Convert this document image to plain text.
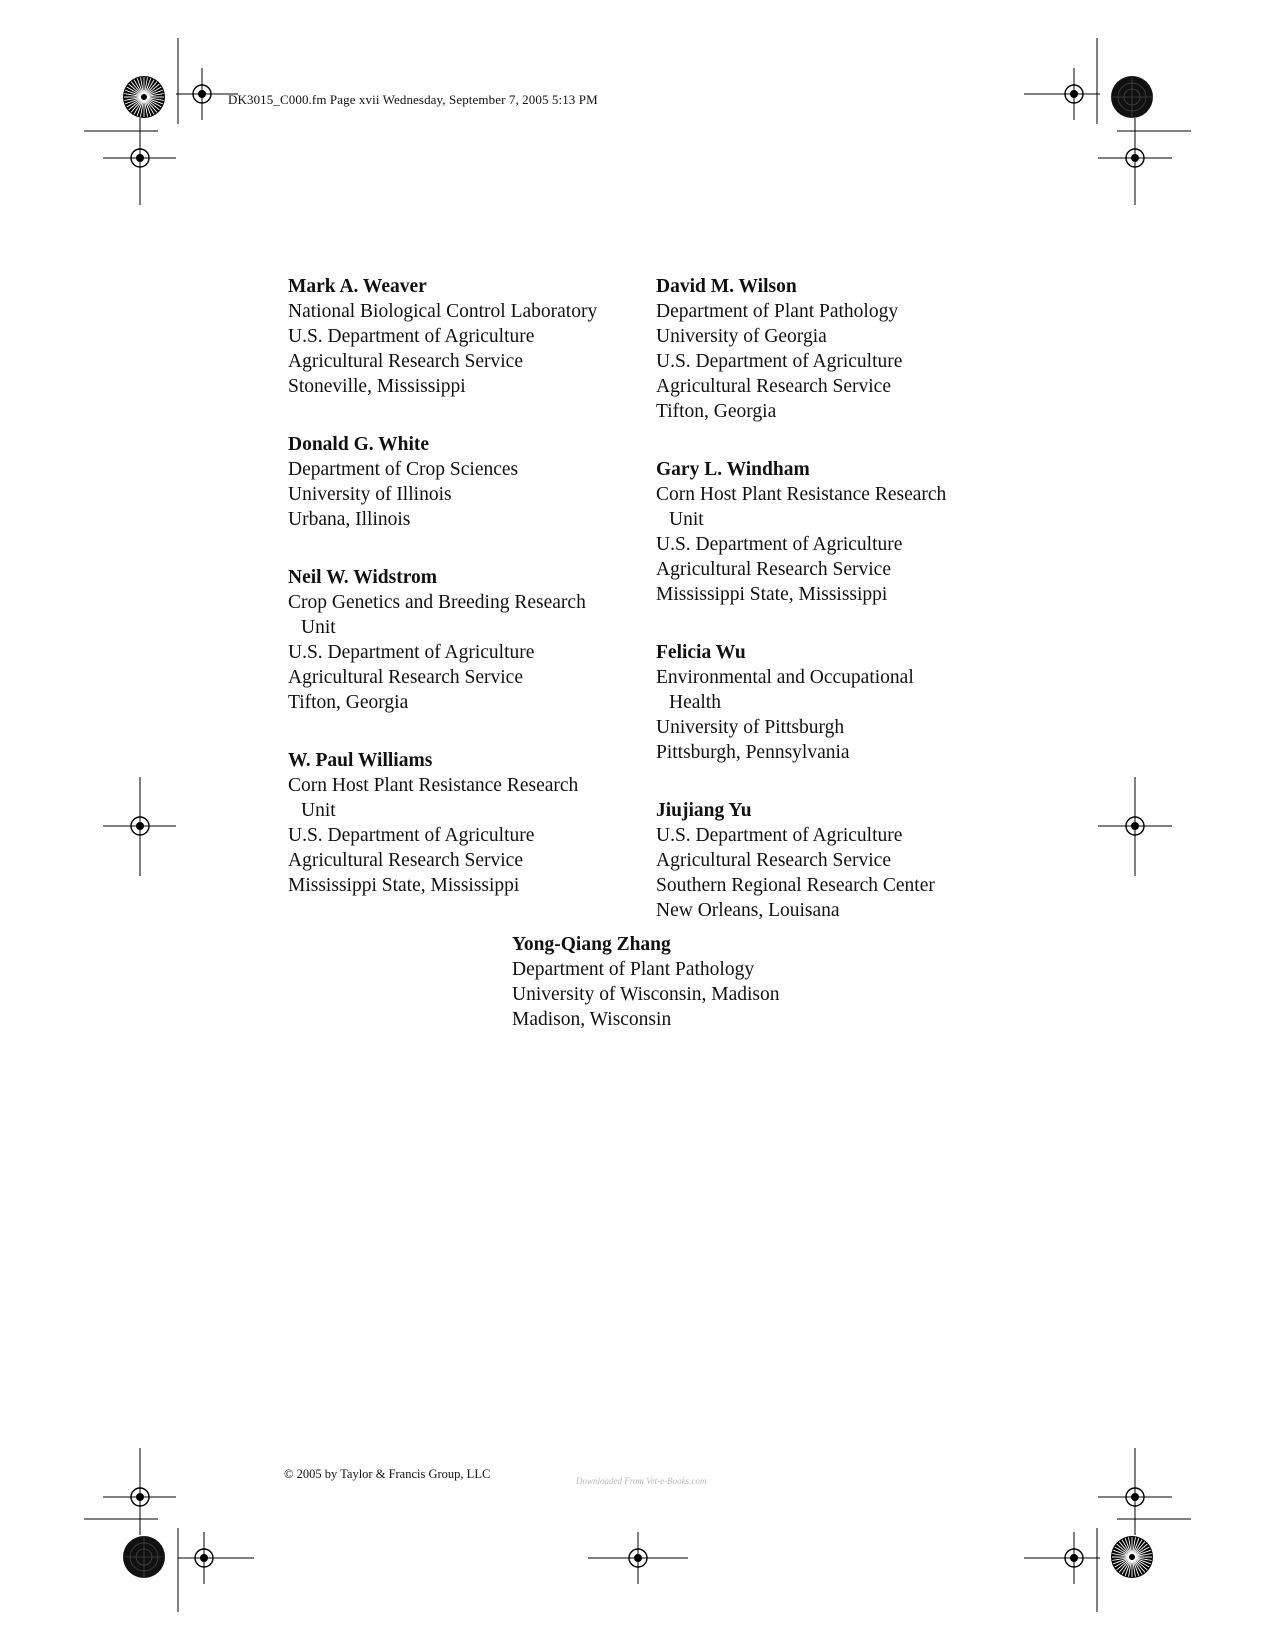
DK3015_C000.fm Page xvii Wednesday, September 7, 2005 5:13 PM
Mark A. Weaver
National Biological Control Laboratory
U.S. Department of Agriculture
Agricultural Research Service
Stoneville, Mississippi
Donald G. White
Department of Crop Sciences
University of Illinois
Urbana, Illinois
Neil W. Widstrom
Crop Genetics and Breeding Research
Unit
U.S. Department of Agriculture
Agricultural Research Service
Tifton, Georgia
W. Paul Williams
Corn Host Plant Resistance Research
Unit
U.S. Department of Agriculture
Agricultural Research Service
Mississippi State, Mississippi
David M. Wilson
Department of Plant Pathology
University of Georgia
U.S. Department of Agriculture
Agricultural Research Service
Tifton, Georgia
Gary L. Windham
Corn Host Plant Resistance Research
Unit
U.S. Department of Agriculture
Agricultural Research Service
Mississippi State, Mississippi
Felicia Wu
Environmental and Occupational
Health
University of Pittsburgh
Pittsburgh, Pennsylvania
Jiujiang Yu
U.S. Department of Agriculture
Agricultural Research Service
Southern Regional Research Center
New Orleans, Louisana
Yong-Qiang Zhang
Department of Plant Pathology
University of Wisconsin, Madison
Madison, Wisconsin
© 2005 by Taylor & Francis Group, LLC	Downloaded From Vet-e-Books.com
